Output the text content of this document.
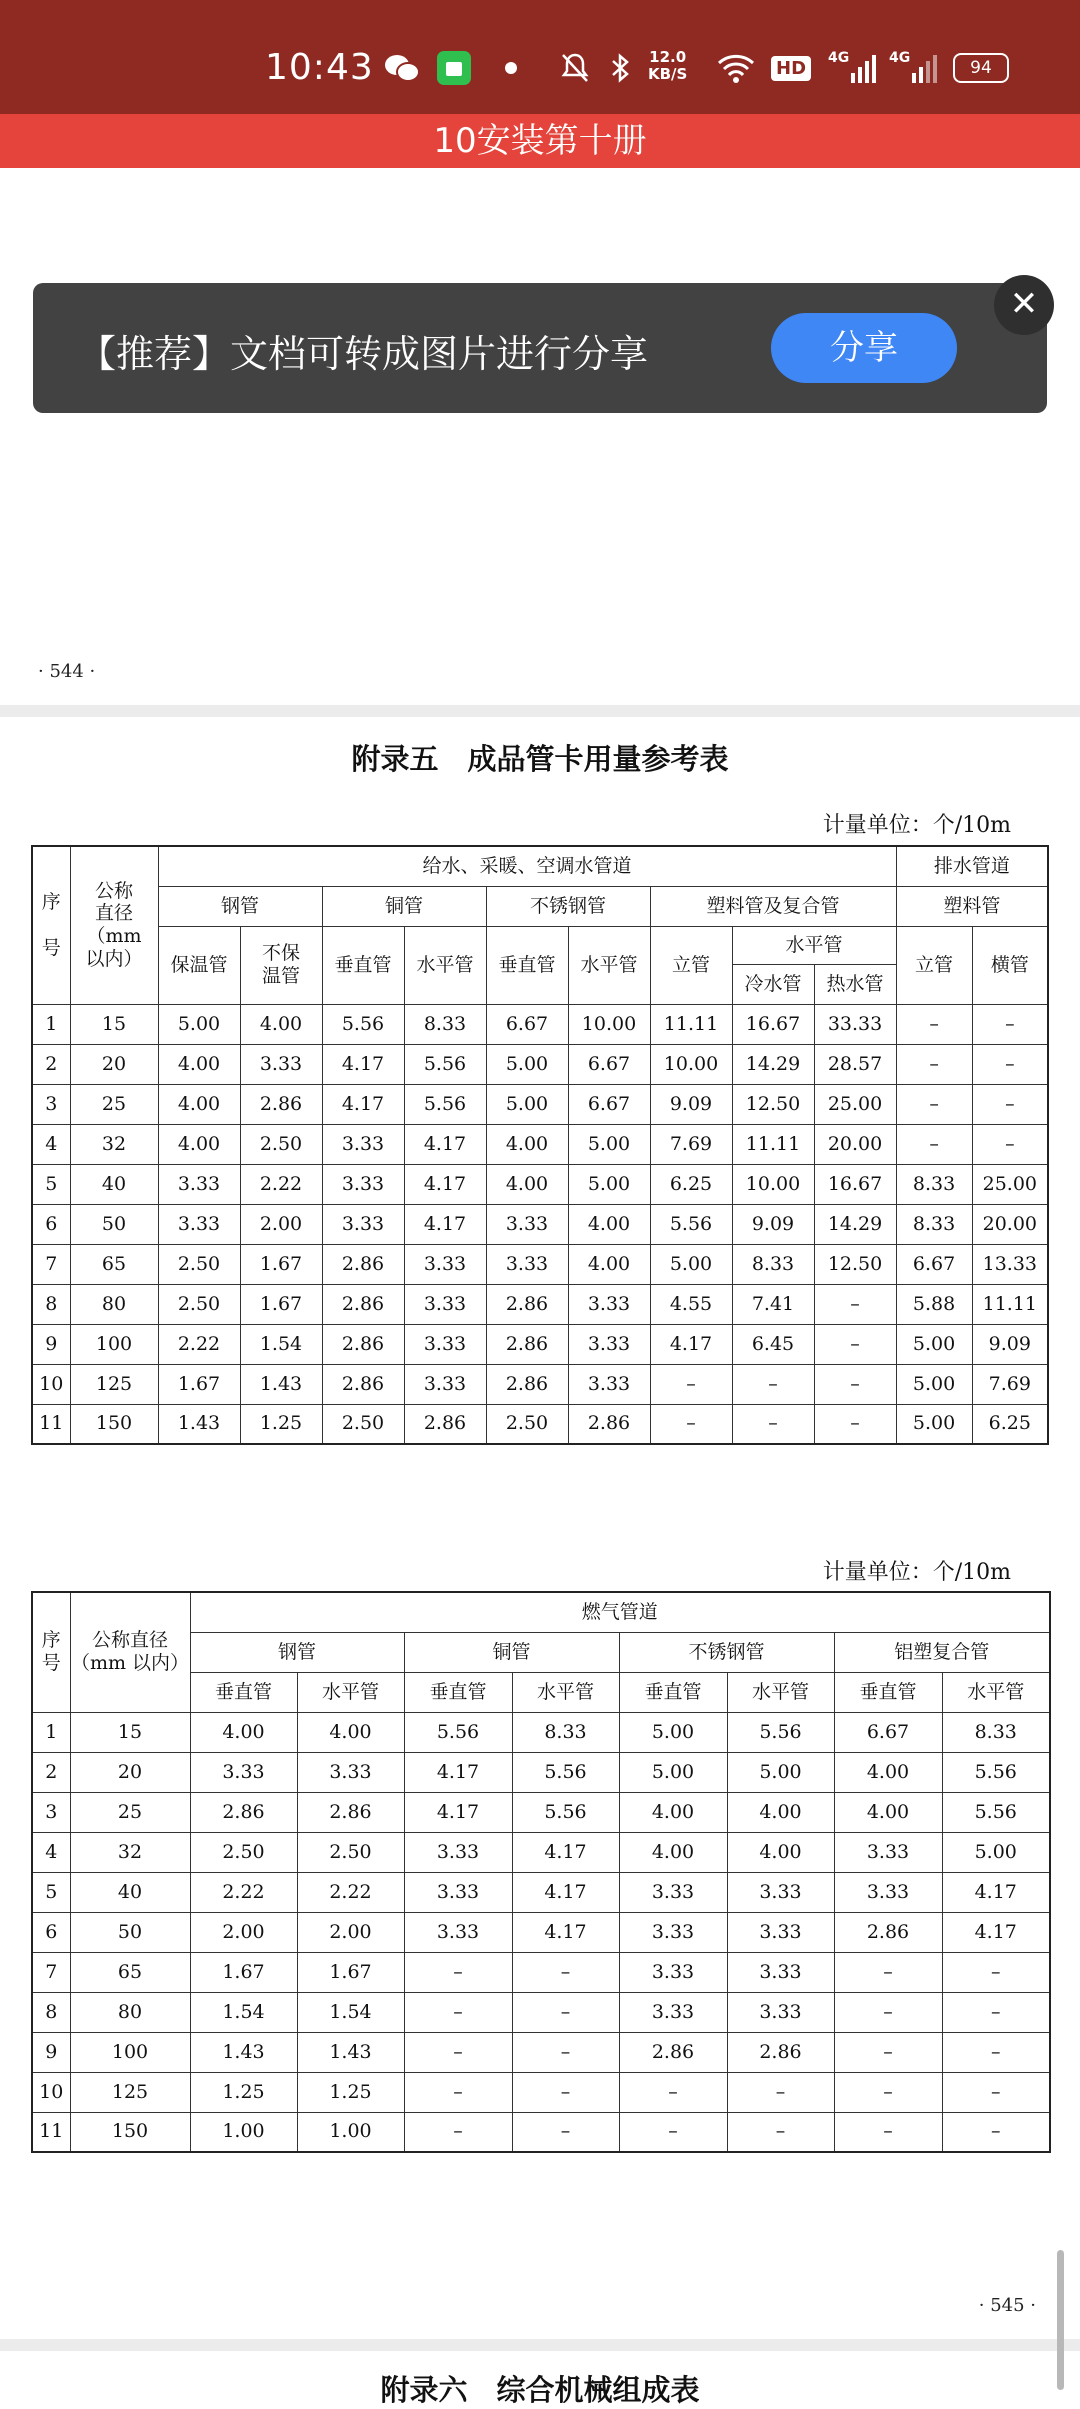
10:43	12.0
KB/S	HD	4G	4G	94
10安装第十册
【推荐】文档可转成图片进行分享	分享
✕
· 544 ·
附录五　成品管卡用量参考表
计量单位：个/10m
序

号	公称
直径
（mm
以内）	给水、采暖、空调水管道									排水管道	
		钢管		铜管		不锈钢管		塑料管及复合管			塑料管	
		保温管	不保
温管	垂直管	水平管	垂直管	水平管	立管	水平管		立管	横管
									冷水管	热水管		
1	15	5.00	4.00	5.56	8.33	6.67	10.00	11.11	16.67	33.33	–	–
2	20	4.00	3.33	4.17	5.56	5.00	6.67	10.00	14.29	28.57	–	–
3	25	4.00	2.86	4.17	5.56	5.00	6.67	9.09	12.50	25.00	–	–
4	32	4.00	2.50	3.33	4.17	4.00	5.00	7.69	11.11	20.00	–	–
5	40	3.33	2.22	3.33	4.17	4.00	5.00	6.25	10.00	16.67	8.33	25.00
6	50	3.33	2.00	3.33	4.17	3.33	4.00	5.56	9.09	14.29	8.33	20.00
7	65	2.50	1.67	2.86	3.33	3.33	4.00	5.00	8.33	12.50	6.67	13.33
8	80	2.50	1.67	2.86	3.33	2.86	3.33	4.55	7.41	–	5.88	11.11
9	100	2.22	1.54	2.86	3.33	2.86	3.33	4.17	6.45	–	5.00	9.09
10	125	1.67	1.43	2.86	3.33	2.86	3.33	–	–	–	5.00	7.69
11	150	1.43	1.25	2.50	2.86	2.50	2.86	–	–	–	5.00	6.25
计量单位：个/10m
序
号	公称直径
（mm 以内）	燃气管道							
		钢管		铜管		不锈钢管		铝塑复合管	
		垂直管	水平管	垂直管	水平管	垂直管	水平管	垂直管	水平管
1	15	4.00	4.00	5.56	8.33	5.00	5.56	6.67	8.33
2	20	3.33	3.33	4.17	5.56	5.00	5.00	4.00	5.56
3	25	2.86	2.86	4.17	5.56	4.00	4.00	4.00	5.56
4	32	2.50	2.50	3.33	4.17	4.00	4.00	3.33	5.00
5	40	2.22	2.22	3.33	4.17	3.33	3.33	3.33	4.17
6	50	2.00	2.00	3.33	4.17	3.33	3.33	2.86	4.17
7	65	1.67	1.67	–	–	3.33	3.33	–	–
8	80	1.54	1.54	–	–	3.33	3.33	–	–
9	100	1.43	1.43	–	–	2.86	2.86	–	–
10	125	1.25	1.25	–	–	–	–	–	–
11	150	1.00	1.00	–	–	–	–	–	–
· 545 ·
附录六　综合机械组成表
